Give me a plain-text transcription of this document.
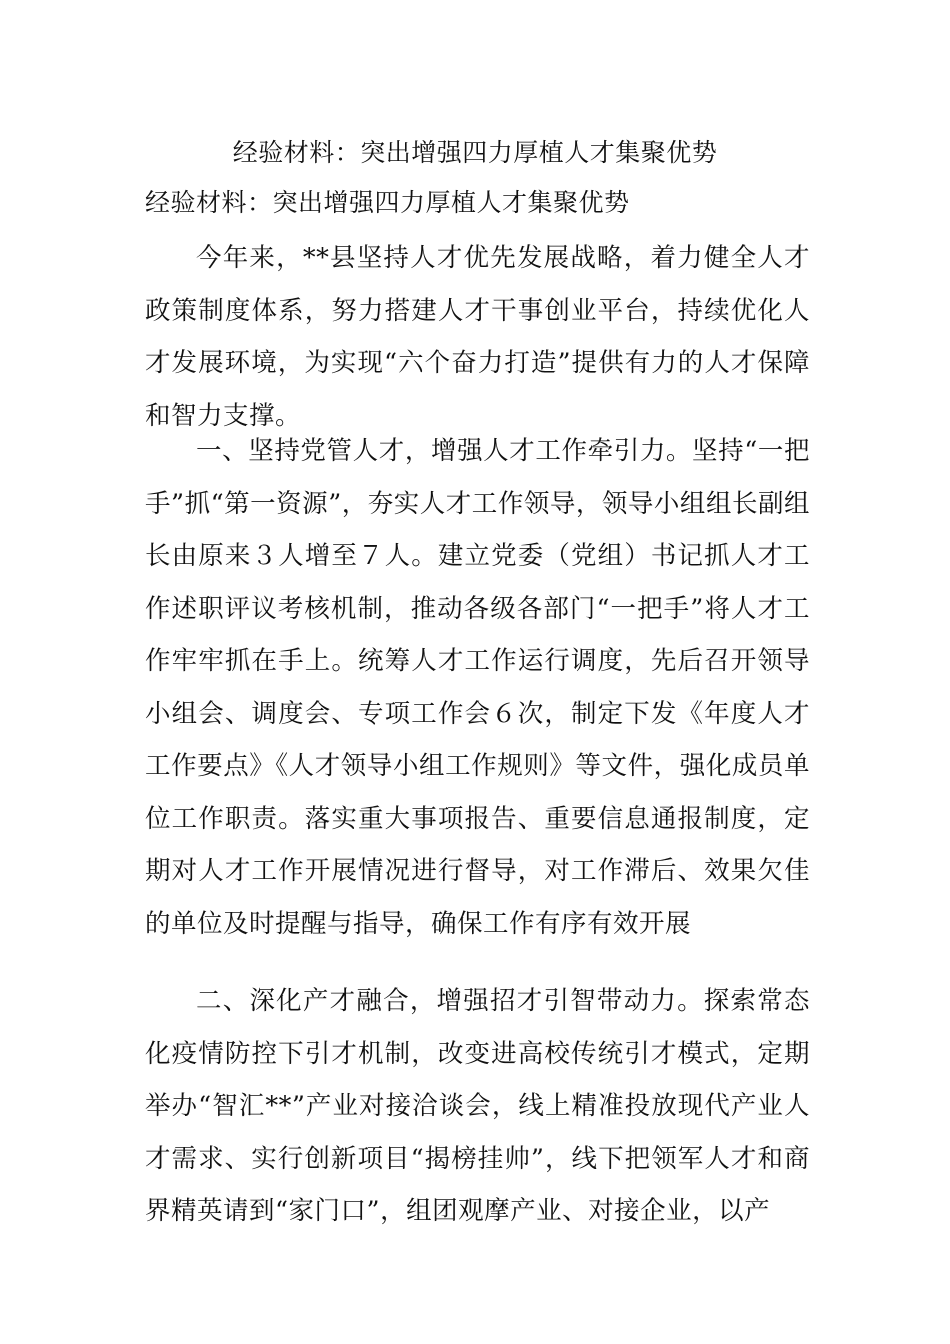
经验材料：突出增强四力厚植人才集聚优势
经验材料：突出增强四力厚植人才集聚优势

今年来，**县坚持人才优先发展战略，着力健全人才政策制度体系，努力搭建人才干事创业平台，持续优化人才发展环境，为实现“六个奋力打造”提供有力的人才保障和智力支撑。

一、坚持党管人才，增强人才工作牵引力。坚持“一把手”抓“第一资源”，夯实人才工作领导，领导小组组长副组长由原来３人增至７人。建立党委（党组）书记抓人才工作述职评议考核机制，推动各级各部门“一把手”将人才工作牢牢抓在手上。统筹人才工作运行调度，先后召开领导小组会、调度会、专项工作会６次，制定下发《年度人才工作要点》《人才领导小组工作规则》等文件，强化成员单位工作职责。落实重大事项报告、重要信息通报制度，定期对人才工作开展情况进行督导，对工作滞后、效果欠佳的单位及时提醒与指导，确保工作有序有效开展

二、深化产才融合，增强招才引智带动力。探索常态化疫情防控下引才机制，改变进高校传统引才模式，定期举办“智汇**”产业对接洽谈会，线上精准投放现代产业人才需求、实行创新项目“揭榜挂帅”，线下把领军人才和商界精英请到“家门口”，组团观摩产业、对接企业，以产
